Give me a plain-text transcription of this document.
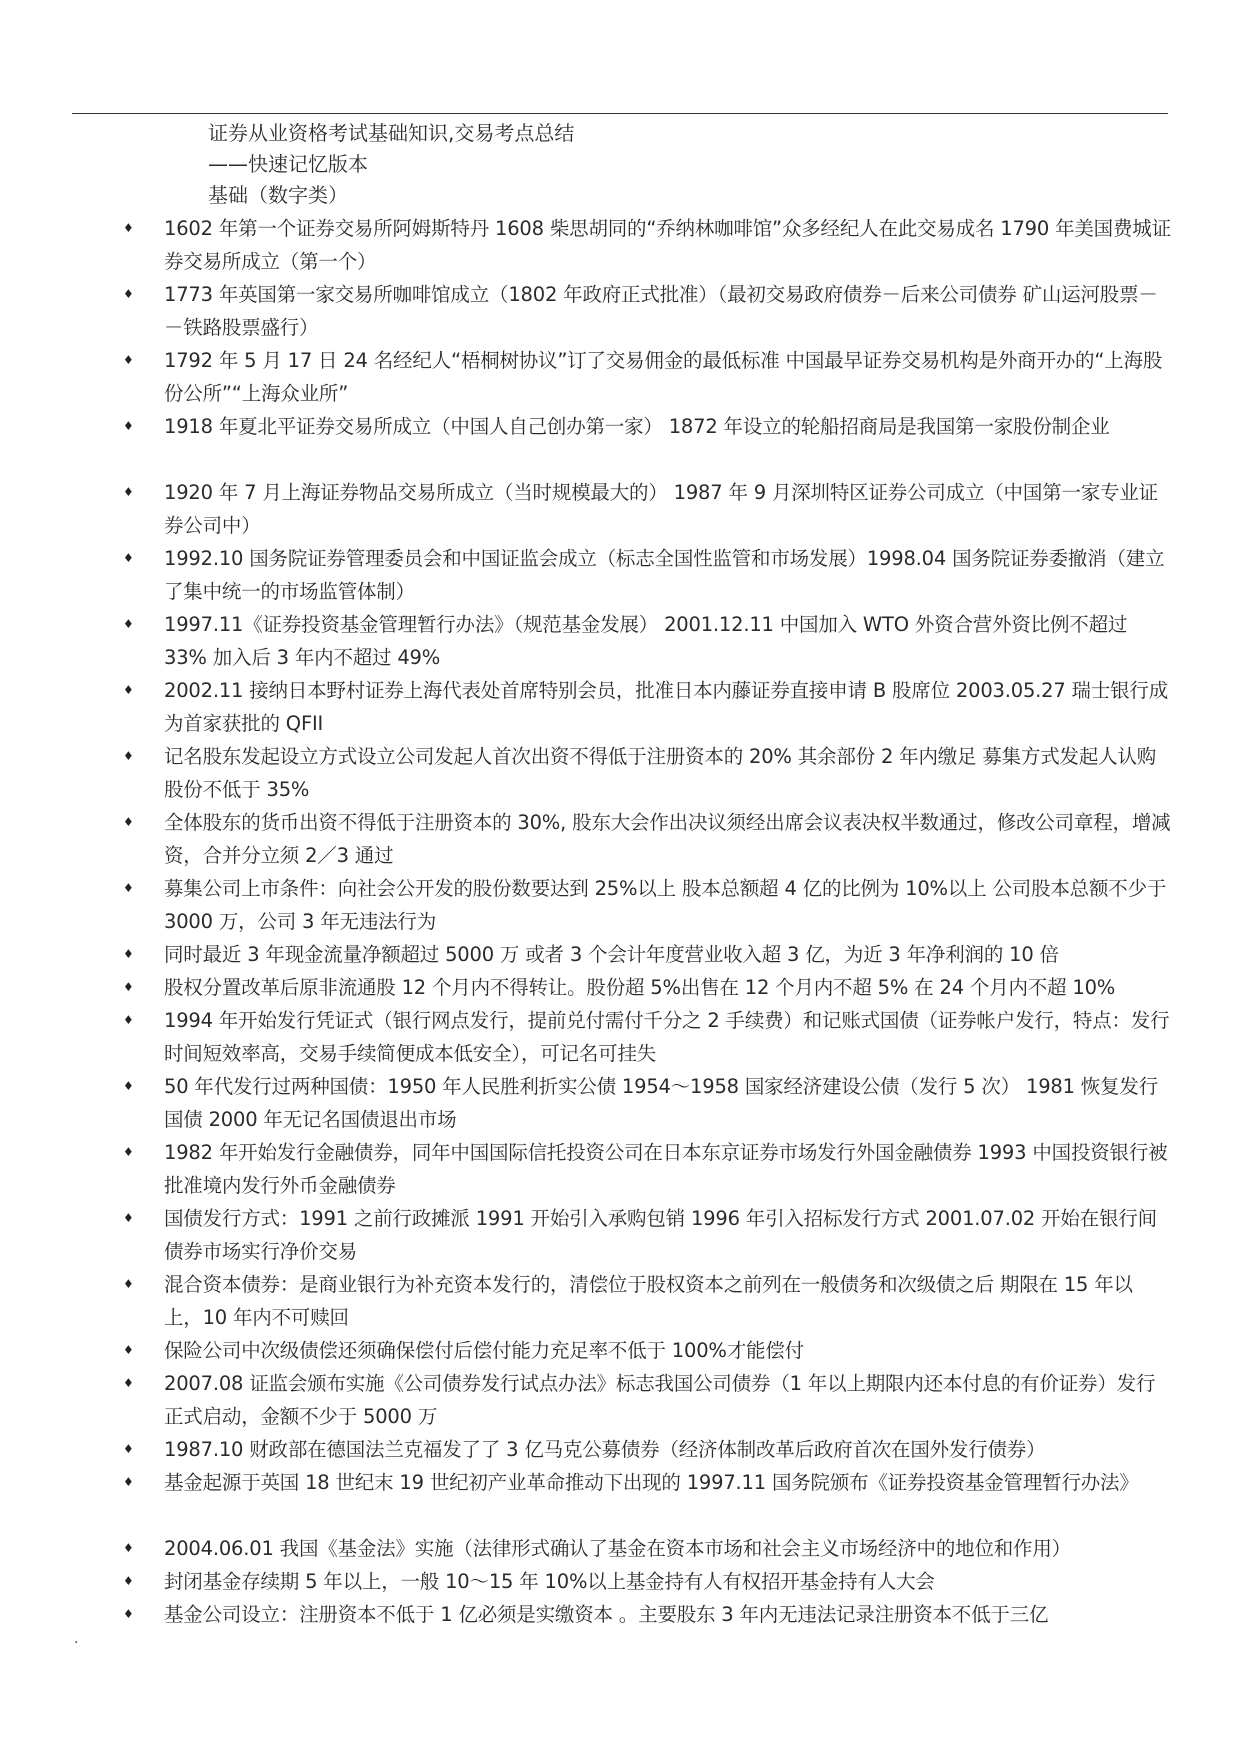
证券从业资格考试基础知识,交易考点总结
——快速记忆版本
基础（数字类）
♦ 1602 年第一个证券交易所阿姆斯特丹 1608 柴思胡同的“乔纳林咖啡馆”众多经纪人在此交易成名 1790 年美国费城证券交易所成立（第一个）
♦ 1773 年英国第一家交易所咖啡馆成立（1802 年政府正式批准）（最初交易政府债券－后来公司债券 矿山运河股票－－铁路股票盛行）
♦ 1792 年 5 月 17 日 24 名经纪人“梧桐树协议”订了交易佣金的最低标准 中国最早证券交易机构是外商开办的“上海股份公所”“上海众业所”
♦ 1918 年夏北平证券交易所成立（中国人自己创办第一家） 1872 年设立的轮船招商局是我国第一家股份制企业
♦ 1920 年 7 月上海证券物品交易所成立（当时规模最大的） 1987 年 9 月深圳特区证券公司成立（中国第一家专业证券公司中）
♦ 1992.10 国务院证券管理委员会和中国证监会成立（标志全国性监管和市场发展）1998.04 国务院证券委撤消（建立了集中统一的市场监管体制）
♦ 1997.11《证券投资基金管理暂行办法》（规范基金发展） 2001.12.11 中国加入 WTO 外资合营外资比例不超过 33% 加入后 3 年内不超过 49%
♦ 2002.11 接纳日本野村证券上海代表处首席特别会员，批准日本内藤证券直接申请 B 股席位 2003.05.27 瑞士银行成为首家获批的 QFII
♦ 记名股东发起设立方式设立公司发起人首次出资不得低于注册资本的 20% 其余部份 2 年内缴足 募集方式发起人认购股份不低于 35%
♦ 全体股东的货币出资不得低于注册资本的 30%, 股东大会作出决议须经出席会议表决权半数通过，修改公司章程，增减资，合并分立须 2／3 通过
♦ 募集公司上市条件：向社会公开发的股份数要达到 25%以上 股本总额超 4 亿的比例为 10%以上 公司股本总额不少于 3000 万，公司 3 年无违法行为
♦ 同时最近 3 年现金流量净额超过 5000 万 或者 3 个会计年度营业收入超 3 亿，为近 3 年净利润的 10 倍
♦ 股权分置改革后原非流通股 12 个月内不得转让。股份超 5%出售在 12 个月内不超 5% 在 24 个月内不超 10%
♦ 1994 年开始发行凭证式（银行网点发行，提前兑付需付千分之 2 手续费）和记账式国债（证券帐户发行，特点：发行时间短效率高，交易手续简便成本低安全），可记名可挂失
♦ 50 年代发行过两种国债：1950 年人民胜利折实公债 1954～1958 国家经济建设公债（发行 5 次） 1981 恢复发行国债 2000 年无记名国债退出市场
♦ 1982 年开始发行金融债券，同年中国国际信托投资公司在日本东京证券市场发行外国金融债券 1993 中国投资银行被批准境内发行外币金融债券
♦ 国债发行方式：1991 之前行政摊派 1991 开始引入承购包销 1996 年引入招标发行方式 2001.07.02 开始在银行间债券市场实行净价交易
♦ 混合资本债券：是商业银行为补充资本发行的，清偿位于股权资本之前列在一般债务和次级债之后 期限在 15 年以上，10 年内不可赎回
♦ 保险公司中次级债偿还须确保偿付后偿付能力充足率不低于 100%才能偿付
♦ 2007.08 证监会颁布实施《公司债券发行试点办法》标志我国公司债券（1 年以上期限内还本付息的有价证券）发行正式启动，金额不少于 5000 万
♦ 1987.10 财政部在德国法兰克福发了了 3 亿马克公募债券（经济体制改革后政府首次在国外发行债券）
♦ 基金起源于英国 18 世纪末 19 世纪初产业革命推动下出现的 1997.11 国务院颁布《证券投资基金管理暂行办法》
♦ 2004.06.01 我国《基金法》实施（法律形式确认了基金在资本市场和社会主义市场经济中的地位和作用）
♦ 封闭基金存续期 5 年以上，一般 10～15 年 10%以上基金持有人有权招开基金持有人大会
♦ 基金公司设立：注册资本不低于 1 亿必须是实缴资本 。主要股东 3 年内无违法记录注册资本不低于三亿
.
